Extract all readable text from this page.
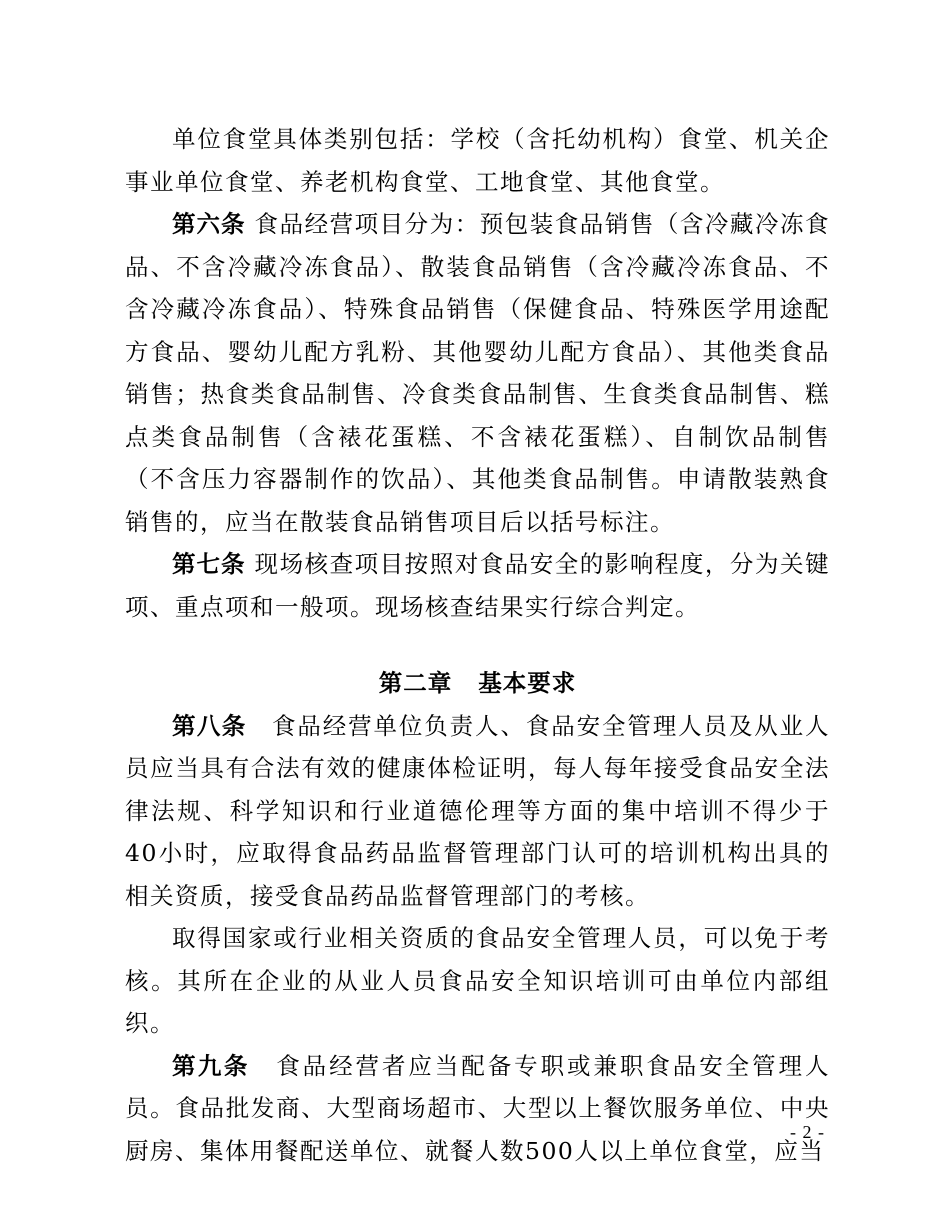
单位食堂具体类别包括：学校（含托幼机构）食堂、机关企事业单位食堂、养老机构食堂、工地食堂、其他食堂。

第六条 食品经营项目分为：预包装食品销售（含冷藏冷冻食品、不含冷藏冷冻食品）、散装食品销售（含冷藏冷冻食品、不含冷藏冷冻食品）、特殊食品销售（保健食品、特殊医学用途配方食品、婴幼儿配方乳粉、其他婴幼儿配方食品）、其他类食品销售；热食类食品制售、冷食类食品制售、生食类食品制售、糕点类食品制售（含裱花蛋糕、不含裱花蛋糕）、自制饮品制售（不含压力容器制作的饮品）、其他类食品制售。申请散装熟食销售的，应当在散装食品销售项目后以括号标注。

第七条 现场核查项目按照对食品安全的影响程度，分为关键项、重点项和一般项。现场核查结果实行综合判定。

第二章 基本要求

第八条　食品经营单位负责人、食品安全管理人员及从业人员应当具有合法有效的健康体检证明，每人每年接受食品安全法律法规、科学知识和行业道德伦理等方面的集中培训不得少于40小时，应取得食品药品监督管理部门认可的培训机构出具的相关资质，接受食品药品监督管理部门的考核。

取得国家或行业相关资质的食品安全管理人员，可以免于考核。其所在企业的从业人员食品安全知识培训可由单位内部组织。

第九条　食品经营者应当配备专职或兼职食品安全管理人员。食品批发商、大型商场超市、大型以上餐饮服务单位、中央厨房、集体用餐配送单位、就餐人数500人以上单位食堂，应当

- 2 -
